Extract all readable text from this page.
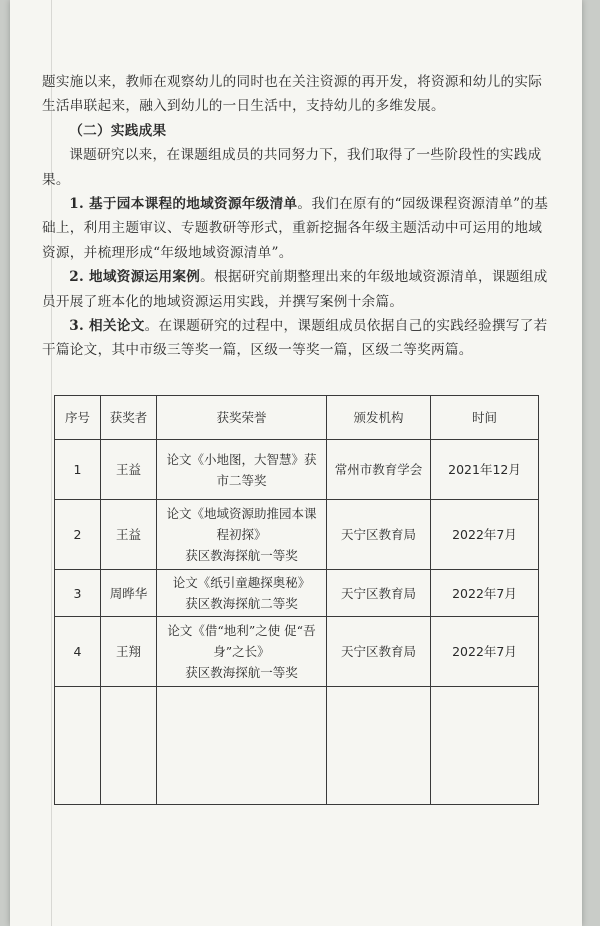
题实施以来，教师在观察幼儿的同时也在关注资源的再开发，将资源和幼儿的实际生活串联起来，融入到幼儿的一日生活中，支持幼儿的多维发展。

（二）实践成果

课题研究以来，在课题组成员的共同努力下，我们取得了一些阶段性的实践成果。

1. 基于园本课程的地域资源年级清单。我们在原有的“园级课程资源清单”的基础上，利用主题审议、专题教研等形式，重新挖掘各年级主题活动中可运用的地域资源，并梳理形成“年级地域资源清单”。

2. 地域资源运用案例。根据研究前期整理出来的年级地域资源清单，课题组成员开展了班本化的地域资源运用实践，并撰写案例十余篇。

3. 相关论文。在课题研究的过程中，课题组成员依据自己的实践经验撰写了若干篇论文，其中市级三等奖一篇，区级一等奖一篇，区级二等奖两篇。

序号	获奖者	获奖荣誉	颁发机构	时间
1	王益	论文《小地图，大智慧》获市二等奖	常州市教育学会	2021年12月
2	王益	论文《地域资源助推园本课程初探》
获区教海探航一等奖	天宁区教育局	2022年7月
3	周晔华	论文《纸引童趣探奥秘》
获区教海探航二等奖	天宁区教育局	2022年7月
4	王翔	论文《借“地利”之使 促“吾身”之长》
获区教海探航一等奖	天宁区教育局	2022年7月
